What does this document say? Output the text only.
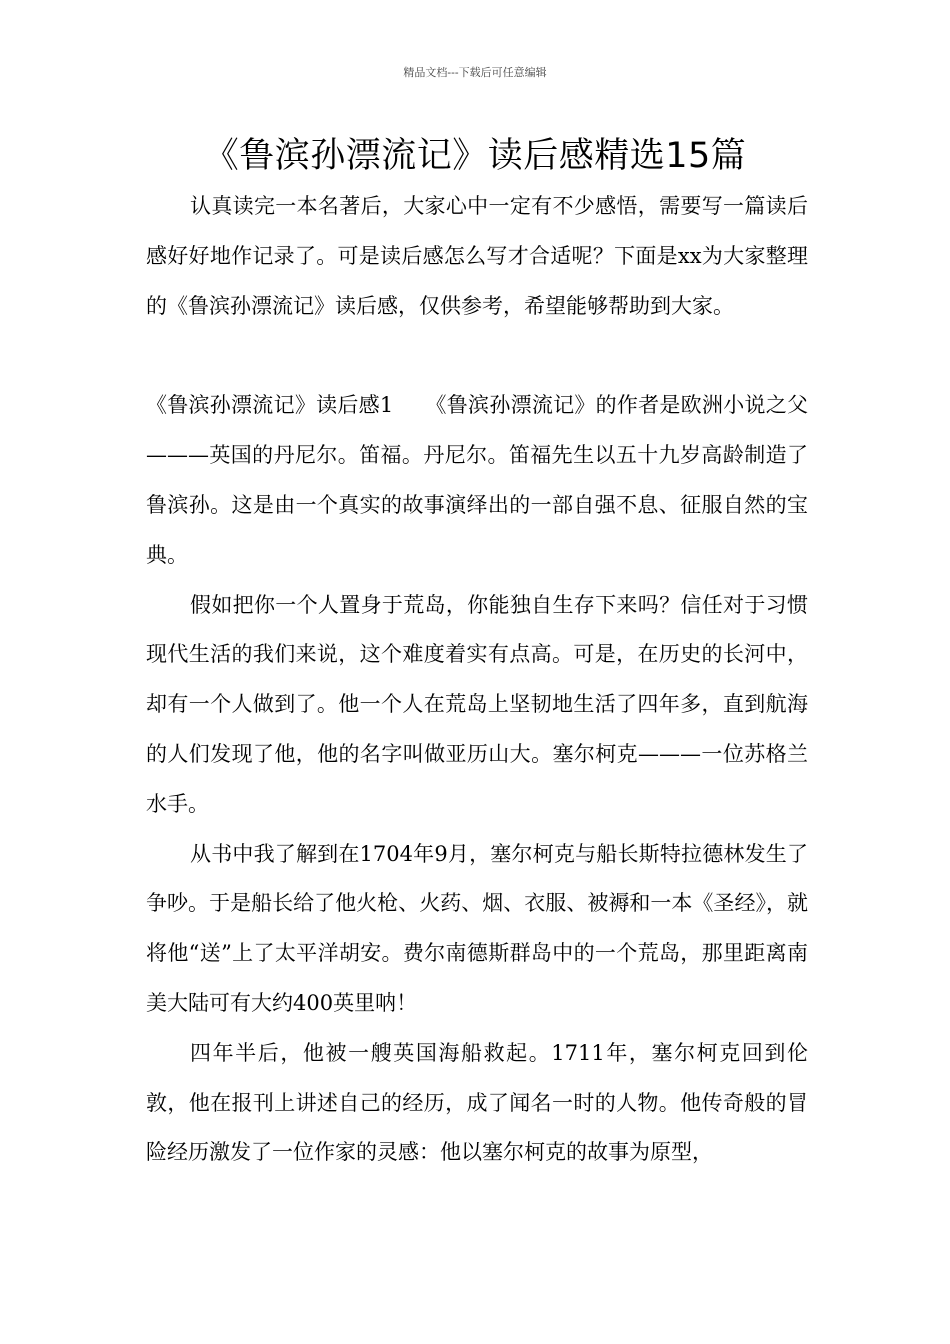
精品文档---下载后可任意编辑
《鲁滨孙漂流记》读后感精选15篇

认真读完一本名著后，大家心中一定有不少感悟，需要写一篇读后感好好地作记录了。可是读后感怎么写才合适呢？下面是xx为大家整理的《鲁滨孙漂流记》读后感，仅供参考，希望能够帮助到大家。

《鲁滨孙漂流记》读后感1　　《鲁滨孙漂流记》的作者是欧洲小说之父———英国的丹尼尔。笛福。丹尼尔。笛福先生以五十九岁高龄制造了鲁滨孙。这是由一个真实的故事演绎出的一部自强不息、征服自然的宝典。

假如把你一个人置身于荒岛，你能独自生存下来吗？信任对于习惯现代生活的我们来说，这个难度着实有点高。可是，在历史的长河中，却有一个人做到了。他一个人在荒岛上坚韧地生活了四年多，直到航海的人们发现了他，他的名字叫做亚历山大。塞尔柯克———一位苏格兰水手。

从书中我了解到在1704年9月，塞尔柯克与船长斯特拉德林发生了争吵。于是船长给了他火枪、火药、烟、衣服、被褥和一本《圣经》，就将他“送”上了太平洋胡安。费尔南德斯群岛中的一个荒岛，那里距离南美大陆可有大约400英里呐！

四年半后，他被一艘英国海船救起。1711年，塞尔柯克回到伦敦，他在报刊上讲述自己的经历，成了闻名一时的人物。他传奇般的冒险经历激发了一位作家的灵感：他以塞尔柯克的故事为原型，
